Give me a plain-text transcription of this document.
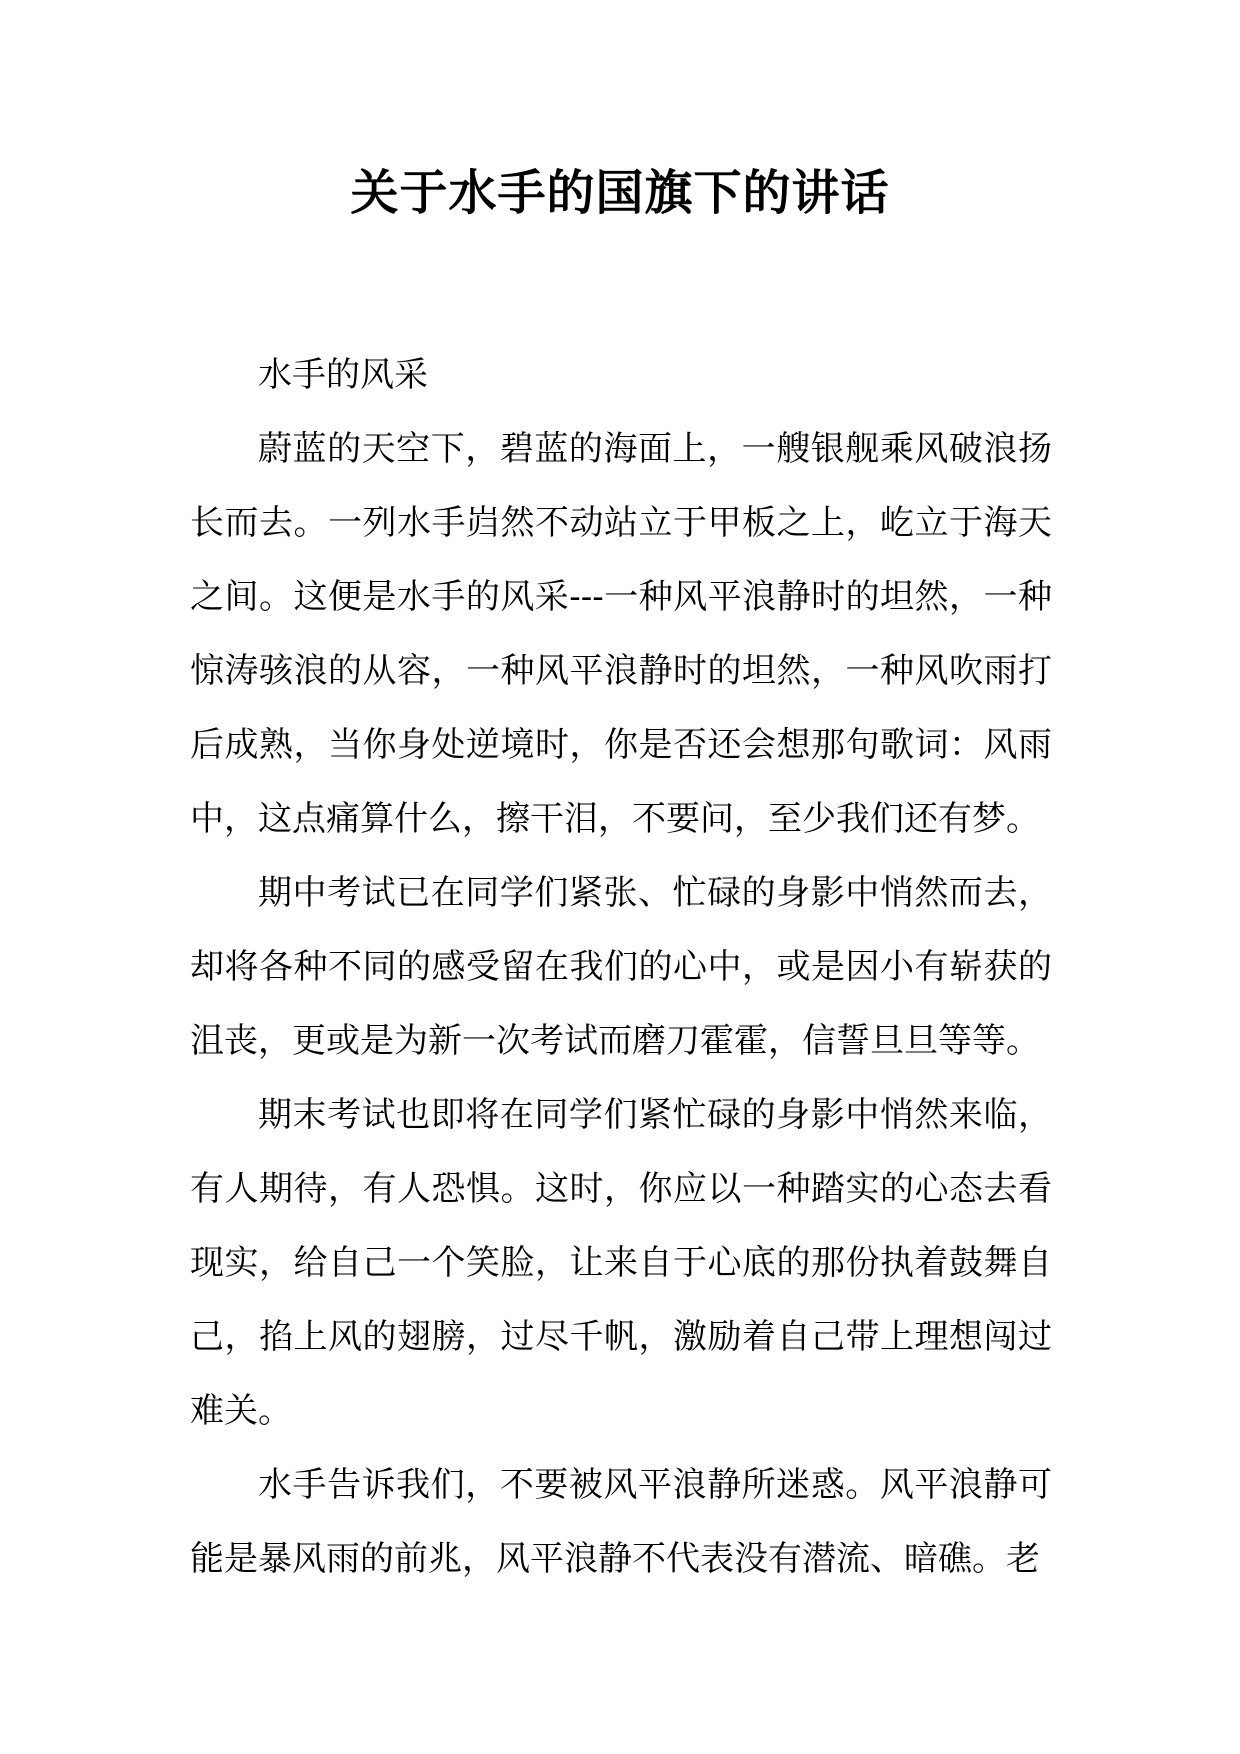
关于水手的国旗下的讲话

水手的风采

蔚蓝的天空下，碧蓝的海面上，一艘银舰乘风破浪扬长而去。一列水手岿然不动站立于甲板之上，屹立于海天之间。这便是水手的风采---一种风平浪静时的坦然，一种惊涛骇浪的从容，一种风平浪静时的坦然，一种风吹雨打后成熟，当你身处逆境时，你是否还会想那句歌词：风雨中，这点痛算什么，擦干泪，不要问，至少我们还有梦。

期中考试已在同学们紧张、忙碌的身影中悄然而去，却将各种不同的感受留在我们的心中，或是因小有崭获的沮丧，更或是为新一次考试而磨刀霍霍，信誓旦旦等等。

期末考试也即将在同学们紧忙碌的身影中悄然来临，有人期待，有人恐惧。这时，你应以一种踏实的心态去看现实，给自己一个笑脸，让来自于心底的那份执着鼓舞自己，掐上风的翅膀，过尽千帆，激励着自己带上理想闯过难关。

水手告诉我们，不要被风平浪静所迷惑。风平浪静可能是暴风雨的前兆，风平浪静不代表没有潜流、暗礁。老
